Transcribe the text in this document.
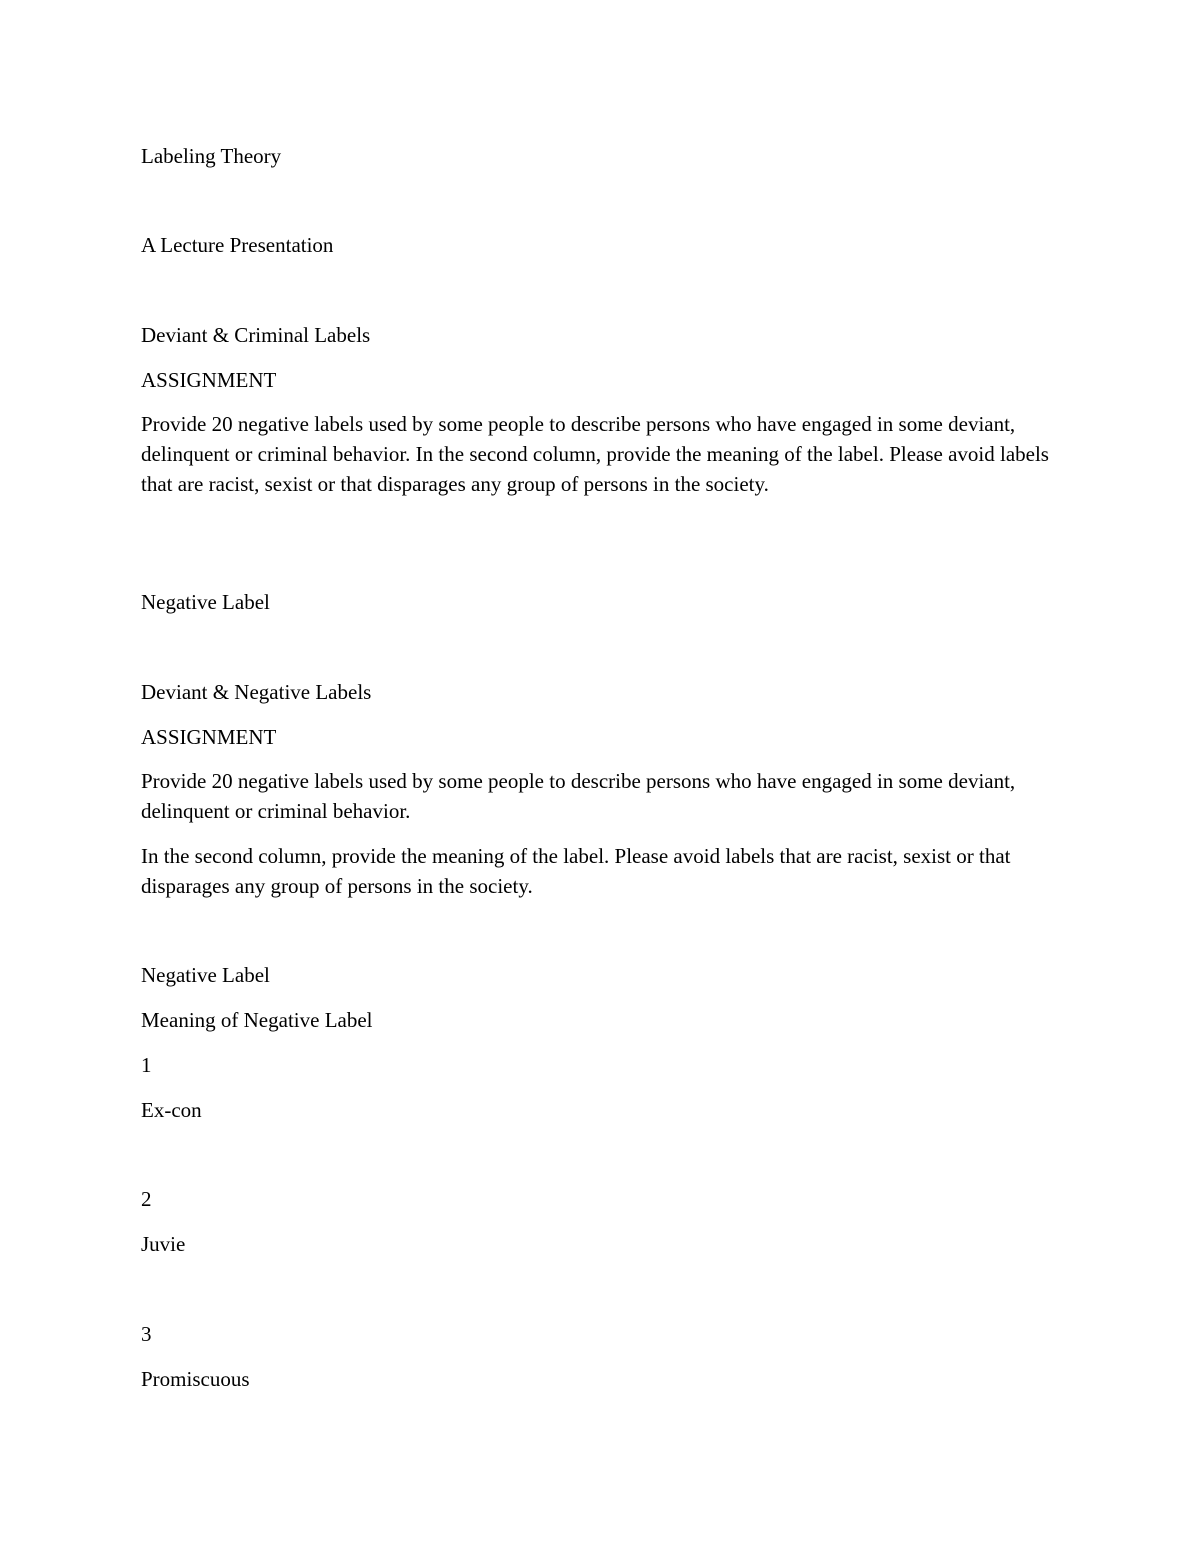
Labeling Theory

A Lecture Presentation

Deviant & Criminal Labels

ASSIGNMENT

Provide 20 negative labels used by some people to describe persons who have engaged in some deviant, delinquent or criminal behavior. In the second column, provide the meaning of the label. Please avoid labels that are racist, sexist or that disparages any group of persons in the society.

Negative Label

Deviant & Negative Labels

ASSIGNMENT

Provide 20 negative labels used by some people to describe persons who have engaged in some deviant, delinquent or criminal behavior.

In the second column, provide the meaning of the label. Please avoid labels that are racist, sexist or that disparages any group of persons in the society.

Negative Label

Meaning of Negative Label

1

Ex-con

2

Juvie

3

Promiscuous
